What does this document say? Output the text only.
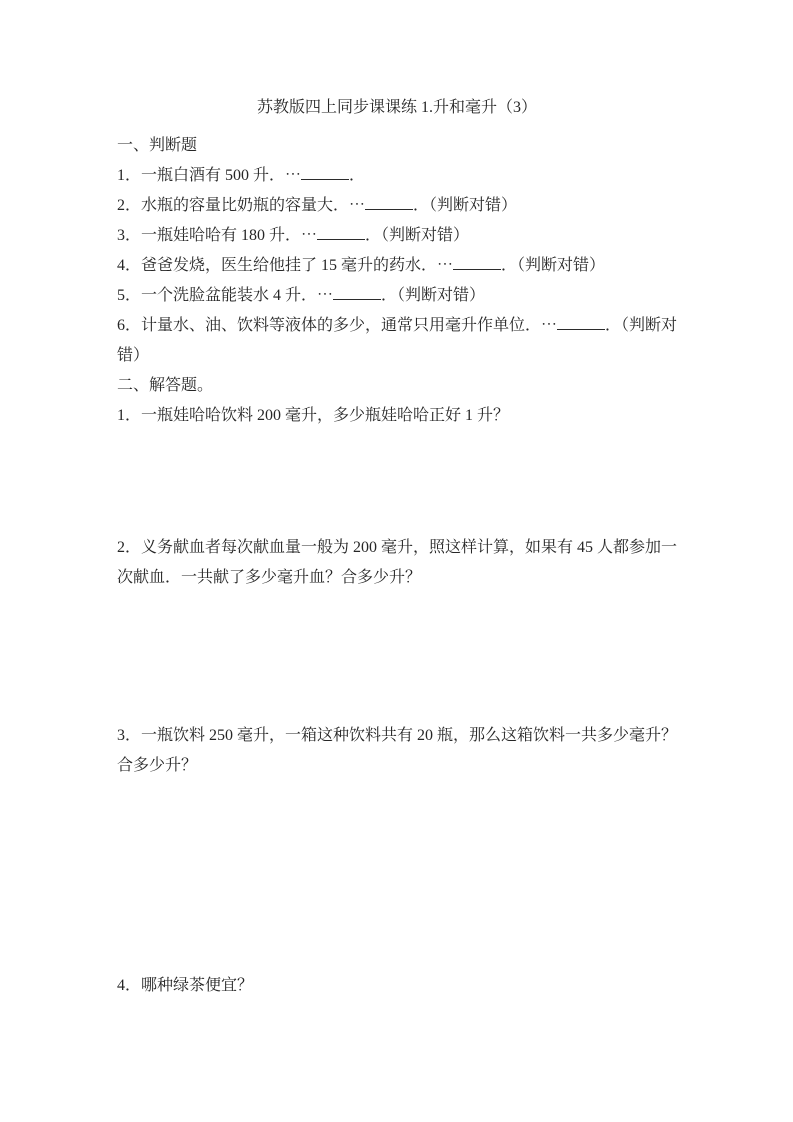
苏教版四上同步课课练 1.升和毫升（3）
一、判断题
1．一瓶白酒有 500 升．⋯	．
2．水瓶的容量比奶瓶的容量大．⋯	．（判断对错）
3．一瓶娃哈哈有 180 升．⋯	．（判断对错）
4．爸爸发烧，医生给他挂了 15 毫升的药水．⋯	．（判断对错）
5．一个洗脸盆能装水 4 升．⋯	．（判断对错）
6．计量水、油、饮料等液体的多少，通常只用毫升作单位．⋯	．（判断对
错）
二、解答题。
1．一瓶娃哈哈饮料 200 毫升，多少瓶娃哈哈正好 1 升？
2．义务献血者每次献血量一般为 200 毫升，照这样计算，如果有 45 人都参加一
次献血．一共献了多少毫升血？合多少升？
3．一瓶饮料 250 毫升，一箱这种饮料共有 20 瓶，那么这箱饮料一共多少毫升？
合多少升？
4．哪种绿茶便宜？
